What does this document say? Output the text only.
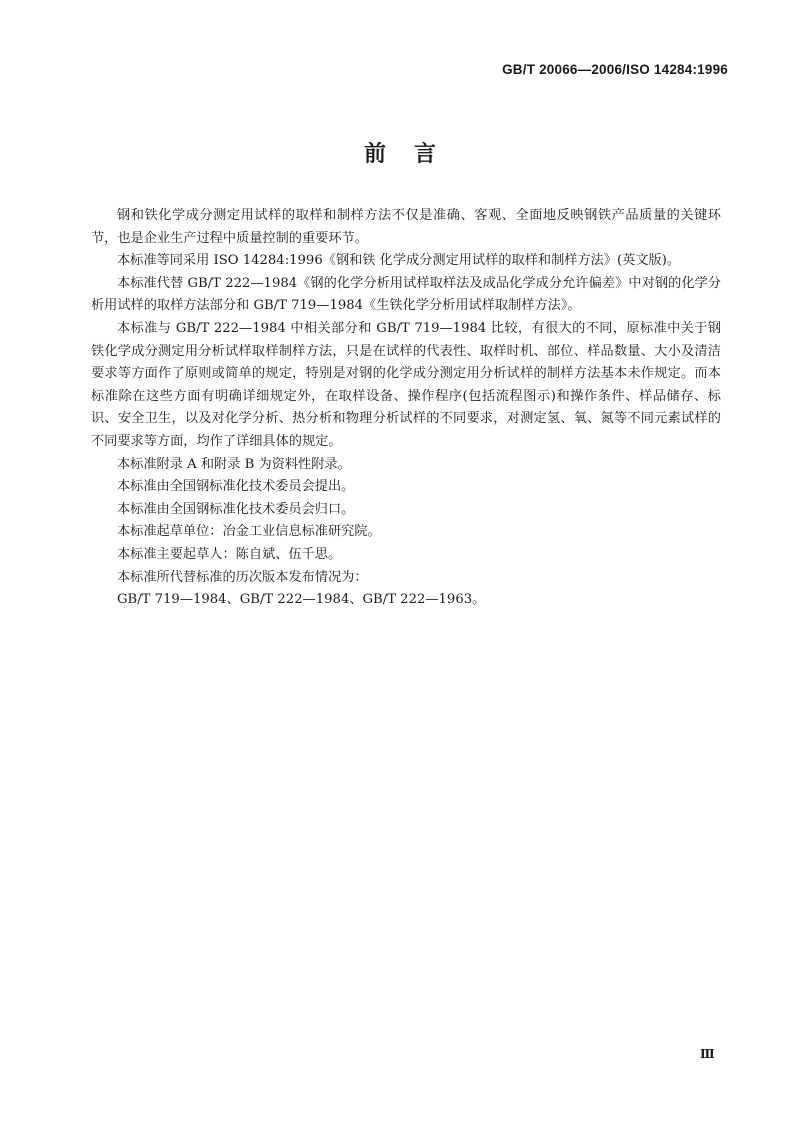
GB/T 20066—2006/ISO 14284:1996
前言

钢和铁化学成分测定用试样的取样和制样方法不仅是准确、客观、全面地反映钢铁产品质量的关键环节，也是企业生产过程中质量控制的重要环节。

本标准等同采用 ISO 14284:1996《钢和铁 化学成分测定用试样的取样和制样方法》(英文版)。

本标准代替 GB/T 222—1984《钢的化学分析用试样取样法及成品化学成分允许偏差》中对钢的化学分析用试样的取样方法部分和 GB/T 719—1984《生铁化学分析用试样取制样方法》。

本标准与 GB/T 222—1984 中相关部分和 GB/T 719—1984 比较，有很大的不同，原标准中关于钢铁化学成分测定用分析试样取样制样方法，只是在试样的代表性、取样时机、部位、样品数量、大小及清洁要求等方面作了原则或简单的规定，特别是对钢的化学成分测定用分析试样的制样方法基本未作规定。而本标准除在这些方面有明确详细规定外，在取样设备、操作程序(包括流程图示)和操作条件、样品储存、标识、安全卫生，以及对化学分析、热分析和物理分析试样的不同要求，对测定氢、氧、氮等不同元素试样的不同要求等方面，均作了详细具体的规定。

本标准附录 A 和附录 B 为资料性附录。

本标准由全国钢标准化技术委员会提出。

本标准由全国钢标准化技术委员会归口。

本标准起草单位：冶金工业信息标准研究院。

本标准主要起草人：陈自斌、伍千思。

本标准所代替标准的历次版本发布情况为：

GB/T 719—1984、GB/T 222—1984、GB/T 222—1963。

Ⅲ
